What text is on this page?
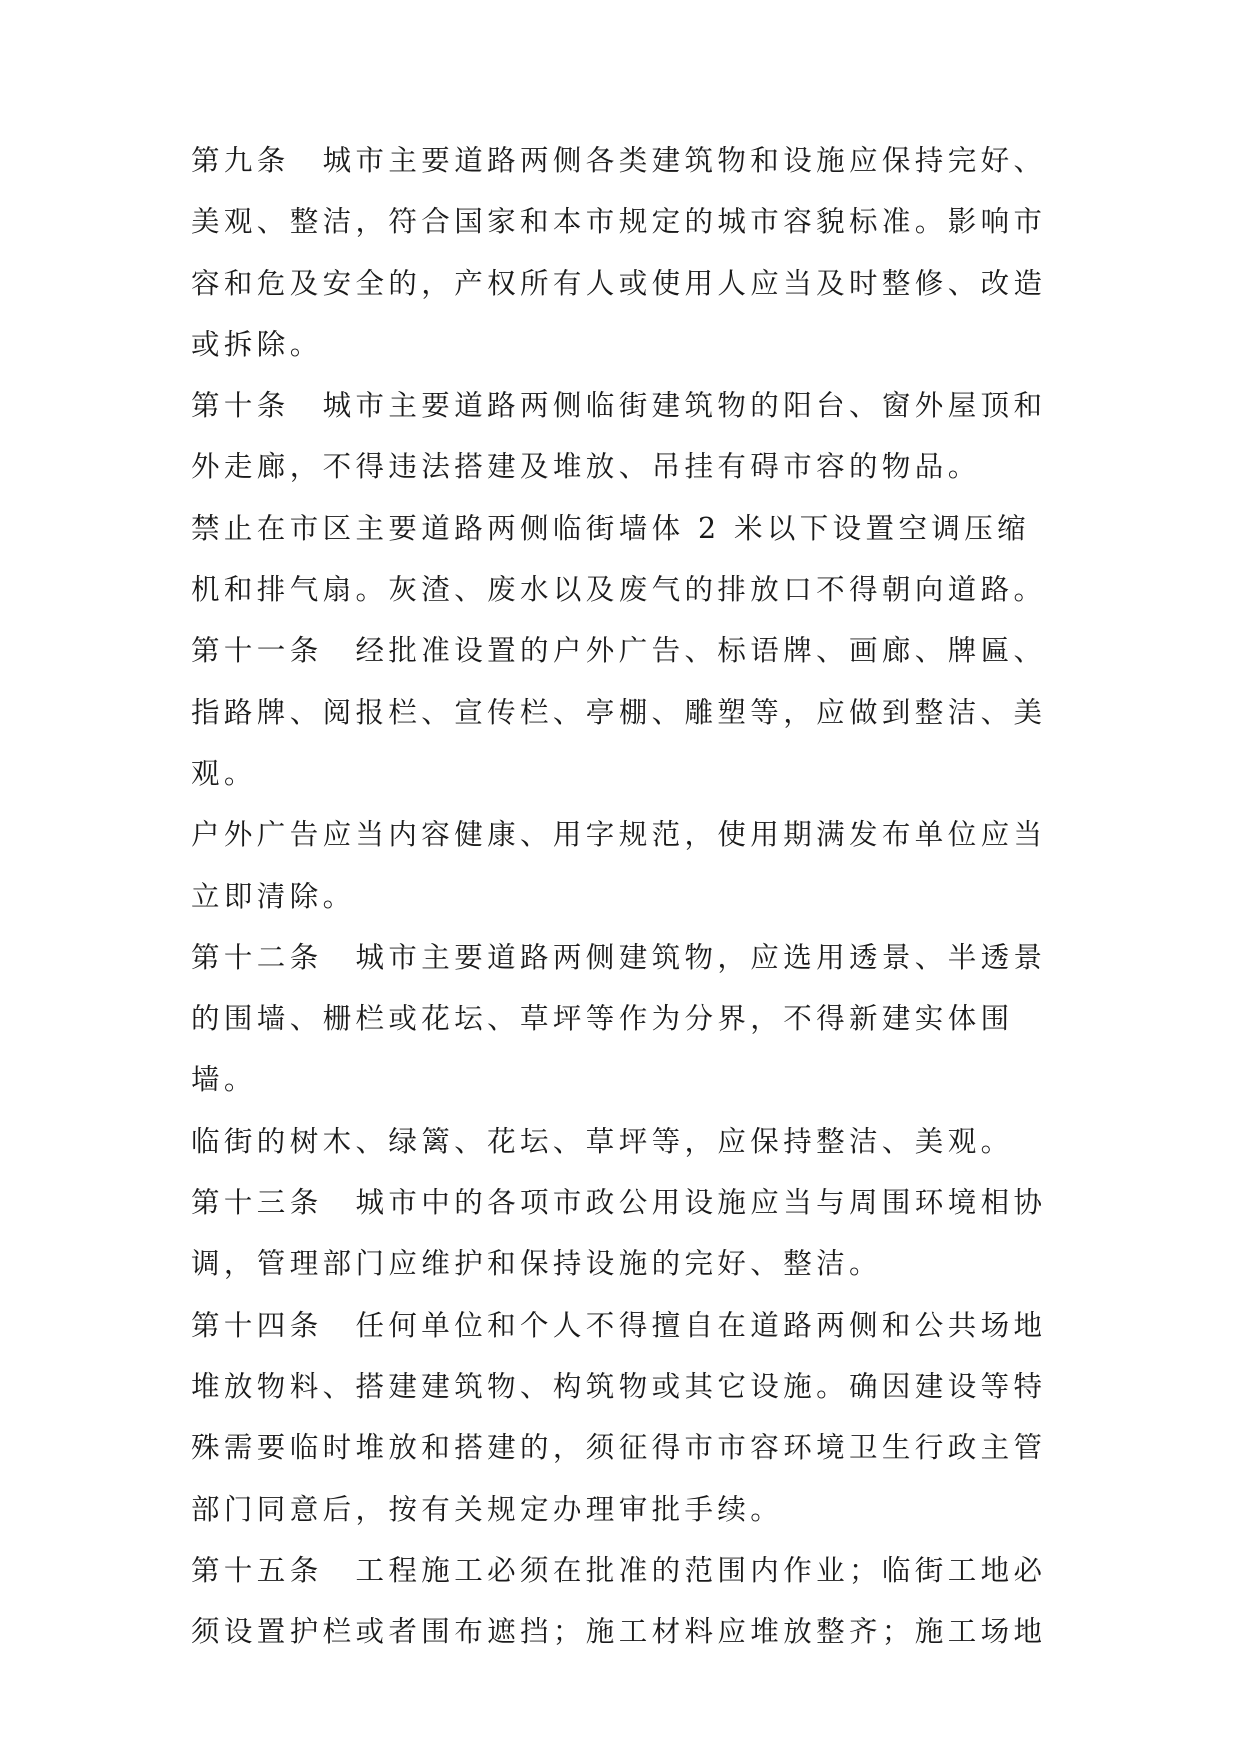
第九条　城市主要道路两侧各类建筑物和设施应保持完好、美观、整洁，符合国家和本市规定的城市容貌标准。影响市容和危及安全的，产权所有人或使用人应当及时整修、改造或拆除。

第十条　城市主要道路两侧临街建筑物的阳台、窗外屋顶和外走廊，不得违法搭建及堆放、吊挂有碍市容的物品。

禁止在市区主要道路两侧临街墙体 2 米以下设置空调压缩机和排气扇。灰渣、废水以及废气的排放口不得朝向道路。

第十一条　经批准设置的户外广告、标语牌、画廊、牌匾、指路牌、阅报栏、宣传栏、亭棚、雕塑等，应做到整洁、美观。

户外广告应当内容健康、用字规范，使用期满发布单位应当立即清除。

第十二条　城市主要道路两侧建筑物，应选用透景、半透景的围墙、栅栏或花坛、草坪等作为分界，不得新建实体围墙。

临街的树木、绿篱、花坛、草坪等，应保持整洁、美观。

第十三条　城市中的各项市政公用设施应当与周围环境相协调，管理部门应维护和保持设施的完好、整洁。

第十四条　任何单位和个人不得擅自在道路两侧和公共场地堆放物料、搭建建筑物、构筑物或其它设施。确因建设等特殊需要临时堆放和搭建的，须征得市市容环境卫生行政主管部门同意后，按有关规定办理审批手续。

第十五条　工程施工必须在批准的范围内作业；临街工地必须设置护栏或者围布遮挡；施工材料应堆放整齐；施工场地
